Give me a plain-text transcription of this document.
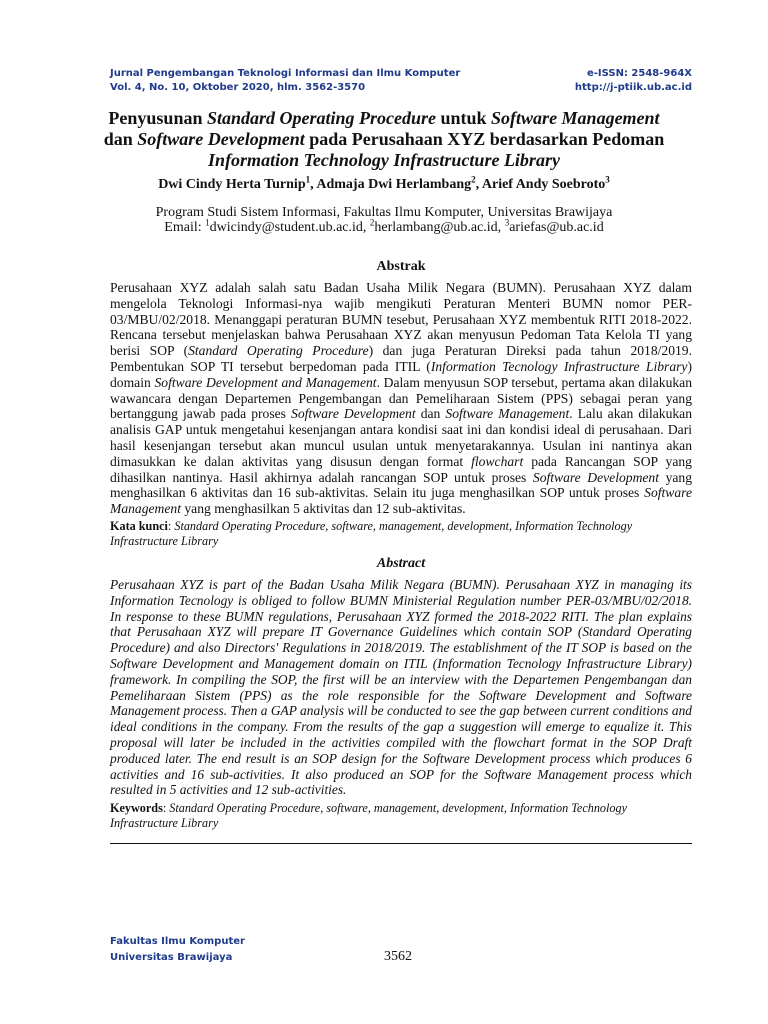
Jurnal Pengembangan Teknologi Informasi dan Ilmu Komputer
Vol. 4, No. 10, Oktober 2020, hlm. 3562-3570
e-ISSN: 2548-964X
http://j-ptiik.ub.ac.id
Penyusunan Standard Operating Procedure untuk Software Management
dan Software Development pada Perusahaan XYZ berdasarkan Pedoman
Information Technology Infrastructure Library
Dwi Cindy Herta Turnip$^1$, Admaja Dwi Herlambang$^2$, Arief Andy Soebroto$^3$
Program Studi Sistem Informasi, Fakultas Ilmu Komputer, Universitas Brawijaya
Email: $^1$dwicindy@student.ub.ac.id, $^2$herlambang@ub.ac.id, $^3$ariefas@ub.ac.id
Abstrak

Perusahaan XYZ adalah salah satu Badan Usaha Milik Negara (BUMN). Perusahaan XYZ dalam mengelola Teknologi Informasi-nya wajib mengikuti Peraturan Menteri BUMN nomor PER-03/MBU/02/2018. Menanggapi peraturan BUMN tesebut, Perusahaan XYZ membentuk RITI 2018-2022. Rencana tersebut menjelaskan bahwa Perusahaan XYZ akan menyusun Pedoman Tata Kelola TI yang berisi SOP (Standard Operating Procedure) dan juga Peraturan Direksi pada tahun 2018/2019. Pembentukan SOP TI tersebut berpedoman pada ITIL (Information Tecnology Infrastructure Library) domain Software Development and Management. Dalam menyusun SOP tersebut, pertama akan dilakukan wawancara dengan Departemen Pengembangan dan Pemeliharaan Sistem (PPS) sebagai peran yang bertanggung jawab pada proses Software Development dan Software Management. Lalu akan dilakukan analisis GAP untuk mengetahui kesenjangan antara kondisi saat ini dan kondisi ideal di perusahaan. Dari hasil kesenjangan tersebut akan muncul usulan untuk menyetarakannya. Usulan ini nantinya akan dimasukkan ke dalan aktivitas yang disusun dengan format flowchart pada Rancangan SOP yang dihasilkan nantinya. Hasil akhirnya adalah rancangan SOP untuk proses Software Development yang menghasilkan 6 aktivitas dan 16 sub-aktivitas. Selain itu juga menghasilkan SOP untuk proses Software Management yang menghasilkan 5 aktivitas dan 12 sub-aktivitas.

Kata kunci: Standard Operating Procedure, software, management, development, Information Technology Infrastructure Library

Abstract

Perusahaan XYZ is part of the Badan Usaha Milik Negara (BUMN). Perusahaan XYZ in managing its Information Tecnology is obliged to follow BUMN Ministerial Regulation number PER-03/MBU/02/2018. In response to these BUMN regulations, Perusahaan XYZ formed the 2018-2022 RITI. The plan explains that Perusahaan XYZ will prepare IT Governance Guidelines which contain SOP (Standard Operating Procedure) and also Directors' Regulations in 2018/2019. The establishment of the IT SOP is based on the Software Development and Management domain on ITIL (Information Tecnology Infrastructure Library) framework. In compiling the SOP, the first will be an interview with the Departemen Pengembangan dan Pemeliharaan Sistem (PPS) as the role responsible for the Software Development and Software Management process. Then a GAP analysis will be conducted to see the gap between current conditions and ideal conditions in the company. From the results of the gap a suggestion will emerge to equalize it. This proposal will later be included in the activities compiled with the flowchart format in the SOP Draft produced later. The end result is an SOP design for the Software Development process which produces 6 activities and 16 sub-activities. It also produced an SOP for the Software Management process which resulted in 5 activities and 12 sub-activities.

Keywords: Standard Operating Procedure, software, management, development, Information Technology Infrastructure Library

Fakultas Ilmu Komputer
Universitas Brawijaya	3562
